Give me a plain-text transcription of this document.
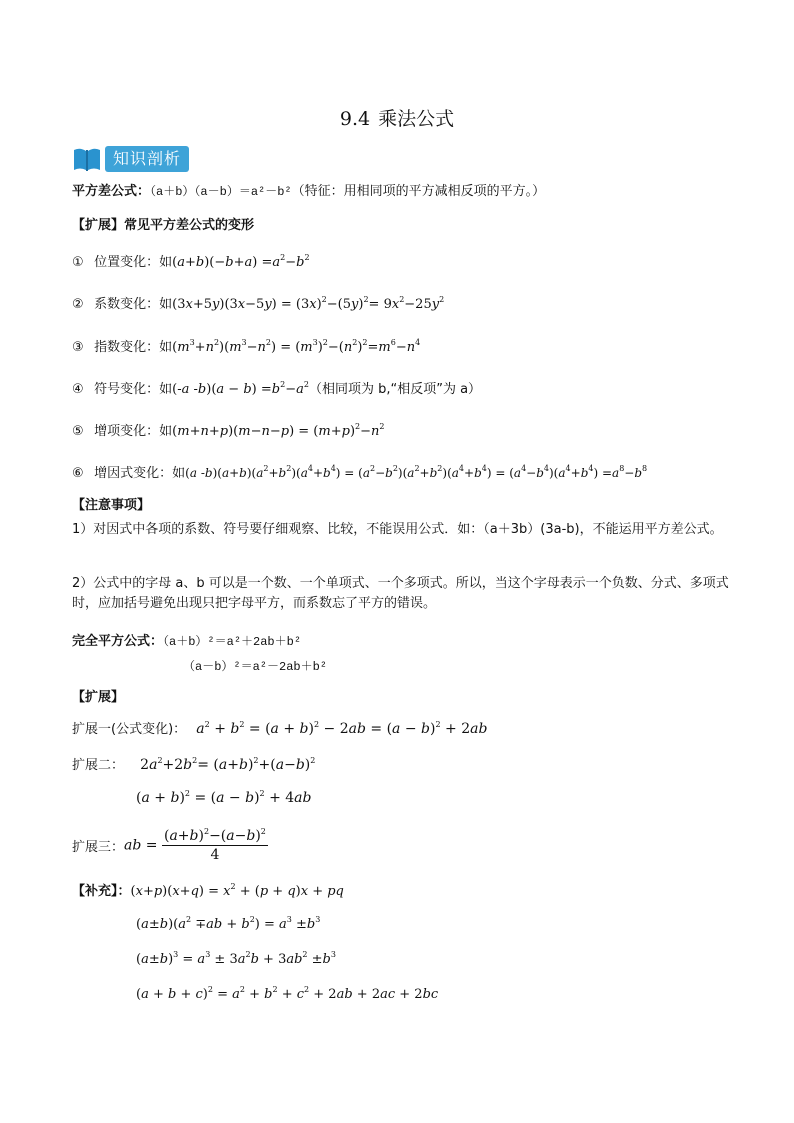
9.4 乘法公式
知识剖析
平方差公式：（a＋b）（a－b）＝a²－b²（特征：用相同项的平方减相反项的平方。）
【扩展】常见平方差公式的变形
① 位置变化：如$(a+b)(-b+a) =a^2-b^2$
② 系数变化：如$(3x+5y)(3x-5y) = (3x)^2-(5y)^2= 9x^2-25y^2$
③ 指数变化：如$(m^3+n^2)(m^3-n^2) = (m^3)^2-(n^2)^2=m^6-n^4$
④ 符号变化：如(-a $-b)(a - b) =b^2-a^2$（相同项为 b,“相反项”为 a）
⑤ 增项变化：如$(m+n+p)(m-n-p) = (m+p)^2-n^2$
⑥ 增因式变化：如(a $-b)(a+b)(a^2+b^2)(a^4+b^4) = (a^2-b^2)(a^2+b^2)(a^4+b^4) = (a^4-b^4)(a^4+b^4) =a^8-b^8$
【注意事项】
1）对因式中各项的系数、符号要仔细观察、比较，不能误用公式．如：（a＋3b）(3a-b)，不能运用平方差公式。
2）公式中的字母 a、b 可以是一个数、一个单项式、一个多项式。所以，当这个字母表示一个负数、分式、多项式时，应加括号避免出现只把字母平方，而系数忘了平方的错误。
完全平方公式：（a＋b）²＝a²＋2ab＋b²
（a－b）²＝a²－2ab＋b²
【扩展】
扩展一(公式变化)： $a^2 + b^2 = (a + b)^2 - 2ab = (a - b)^2 + 2ab$
扩展二： $2a^2+2b^2= (a+b)^2+(a-b)^2$
$(a + b)^2 = (a - b)^2 + 4ab$
扩展三： ab = $\frac{(a+b)^2-(a-b)^2}{4}$
【补充】：$(x+p)(x+q) = x^2 + (p + q)x$ + pq
$(a\pm b)(a^2 \mp ab + b^2) = a^3 \pm b^3$
$(a\pm b)^3 = a^3 \pm 3a^2b + 3ab^2 \pm b^3$
$(a + b + c)^2 = a^2 + b^2 + c^2 + 2ab + 2ac + 2bc$
